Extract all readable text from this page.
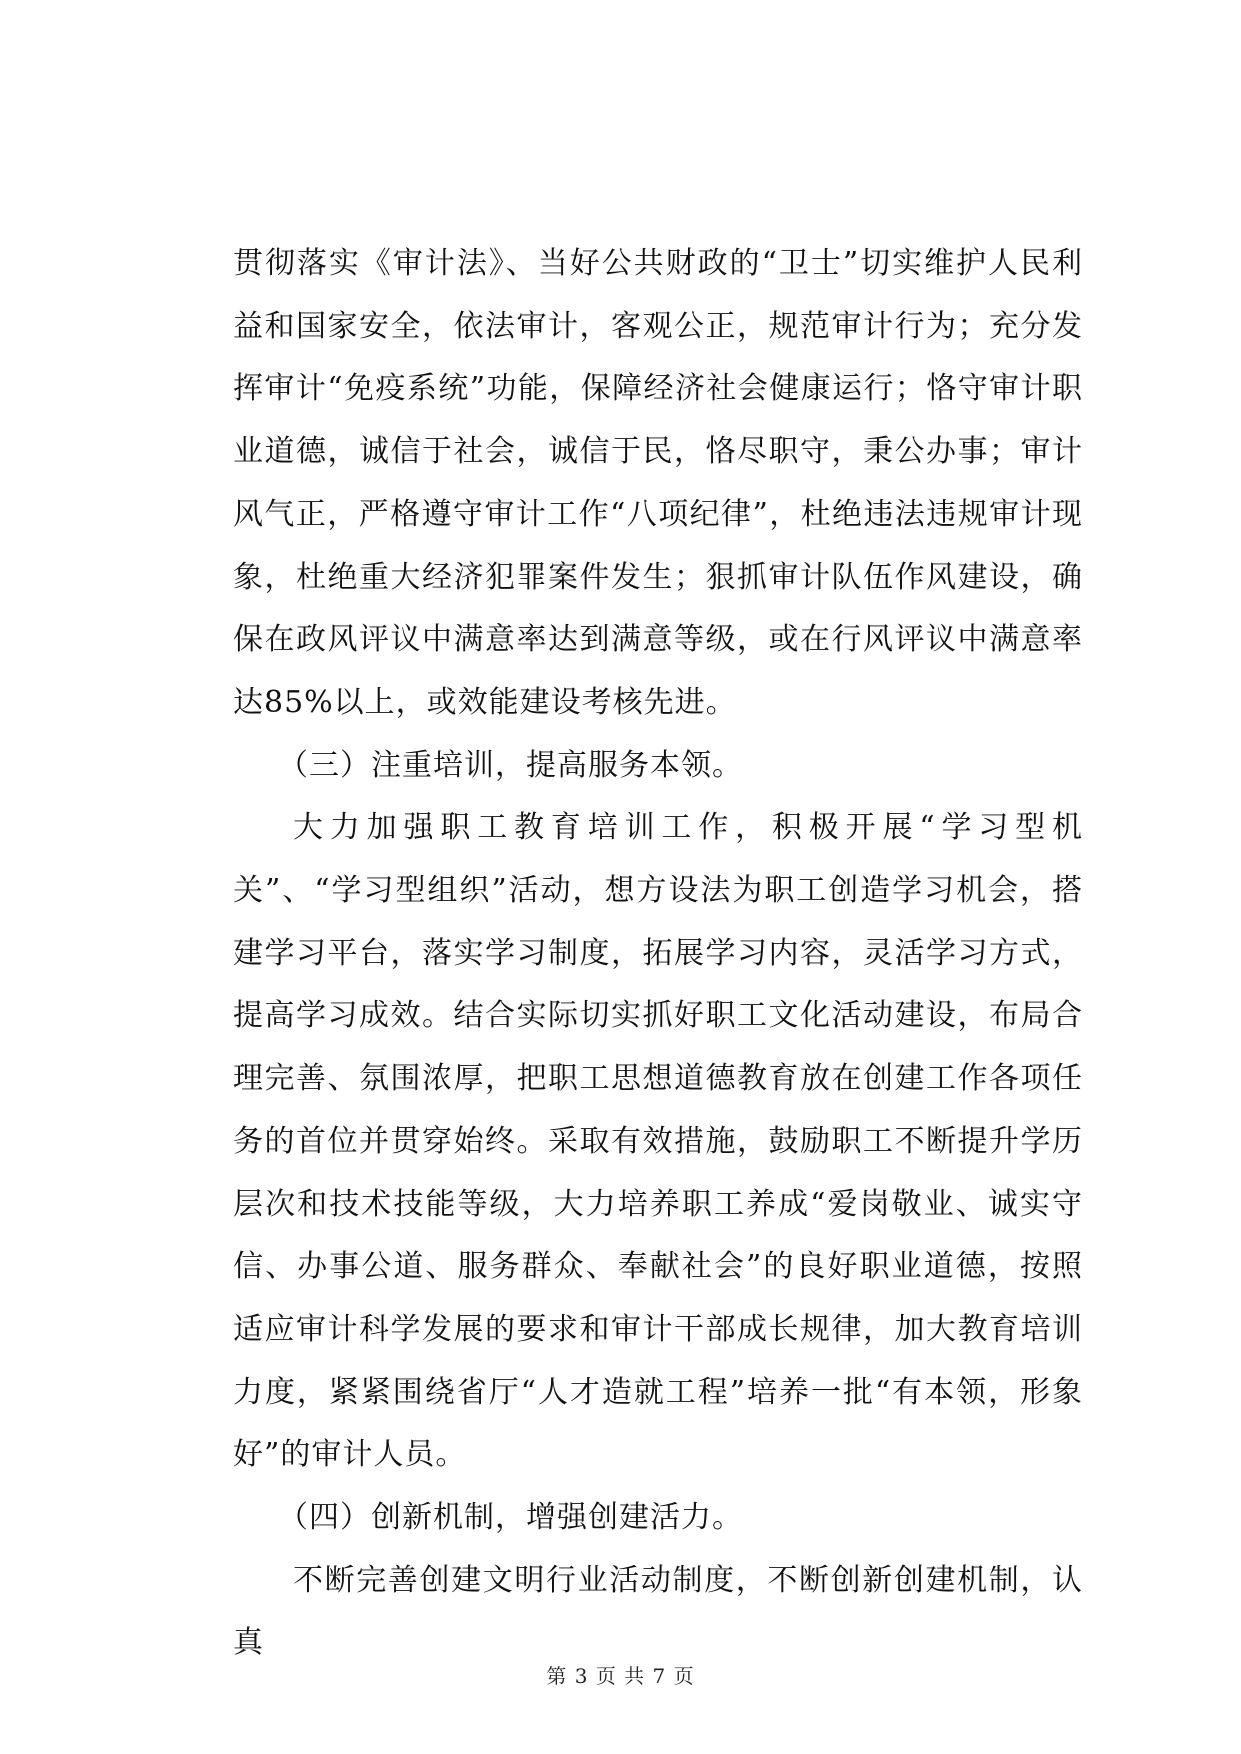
贯彻落实《审计法》、当好公共财政的“卫士”切实维护人民利益和国家安全，依法审计，客观公正，规范审计行为；充分发挥审计“免疫系统”功能，保障经济社会健康运行；恪守审计职业道德，诚信于社会，诚信于民，恪尽职守，秉公办事；审计风气正，严格遵守审计工作“八项纪律”，杜绝违法违规审计现象，杜绝重大经济犯罪案件发生；狠抓审计队伍作风建设，确保在政风评议中满意率达到满意等级，或在行风评议中满意率达85%以上，或效能建设考核先进。

（三）注重培训，提高服务本领。

大力加强职工教育培训工作，积极开展“学习型机关”、“学习型组织”活动，想方设法为职工创造学习机会，搭建学习平台，落实学习制度，拓展学习内容，灵活学习方式，提高学习成效。结合实际切实抓好职工文化活动建设，布局合理完善、氛围浓厚，把职工思想道德教育放在创建工作各项任务的首位并贯穿始终。采取有效措施，鼓励职工不断提升学历层次和技术技能等级，大力培养职工养成“爱岗敬业、诚实守信、办事公道、服务群众、奉献社会”的良好职业道德，按照适应审计科学发展的要求和审计干部成长规律，加大教育培训力度，紧紧围绕省厅“人才造就工程”培养一批“有本领，形象好”的审计人员。

（四）创新机制，增强创建活力。

不断完善创建文明行业活动制度，不断创新创建机制，认真

第 3 页 共 7 页
